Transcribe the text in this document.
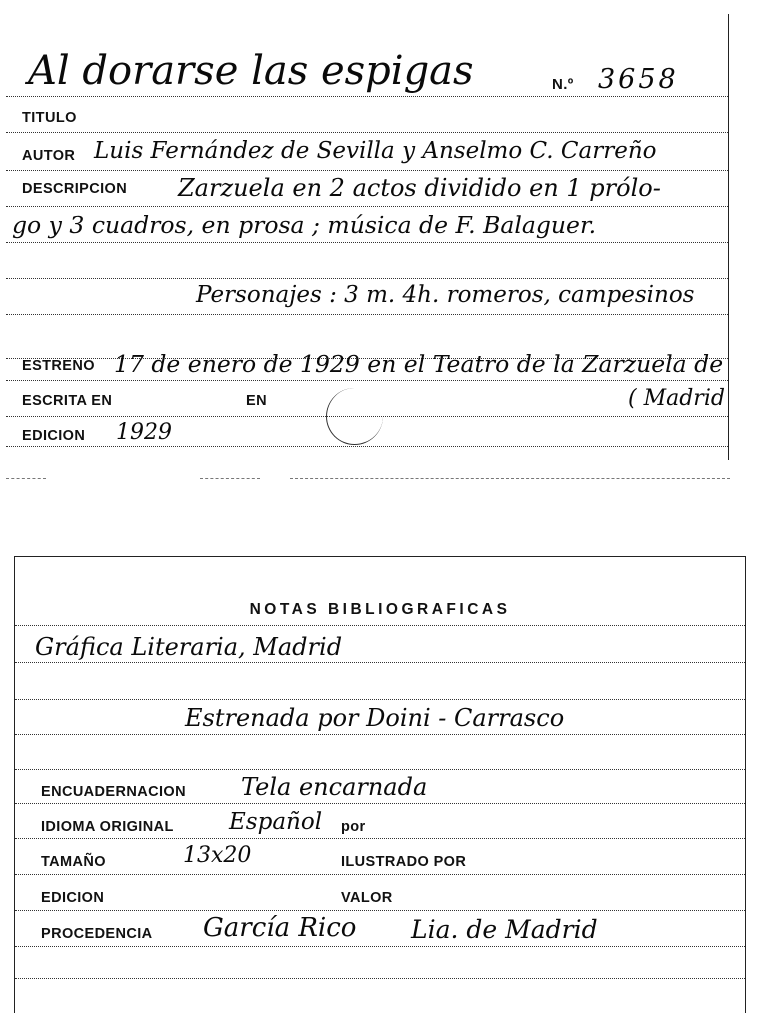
Al dorarse las espigas	N.º 3658
TITULO
AUTOR Luis Fernández de Sevilla y Anselmo C. Carreño
DESCRIPCION Zarzuela en 2 actos dividido en 1 prólo-
go y 3 cuadros, en prosa ; música de F. Balaguer.
Personajes : 3 m. 4h. romeros, campesinos
ESTRENO 17 de enero de 1929 en el Teatro de la Zarzuela de
ESCRITA EN	EN	( Madrid
EDICION 1929
NOTAS BIBLIOGRAFICAS
Gráfica Literaria, Madrid
Estrenada por Doini - Carrasco
ENCUADERNACION Tela encarnada
IDIOMA ORIGINAL Español por
TAMAÑO	13x20	ILUSTRADO POR
EDICION	VALOR
PROCEDENCIA García Rico Lia. de Madrid
